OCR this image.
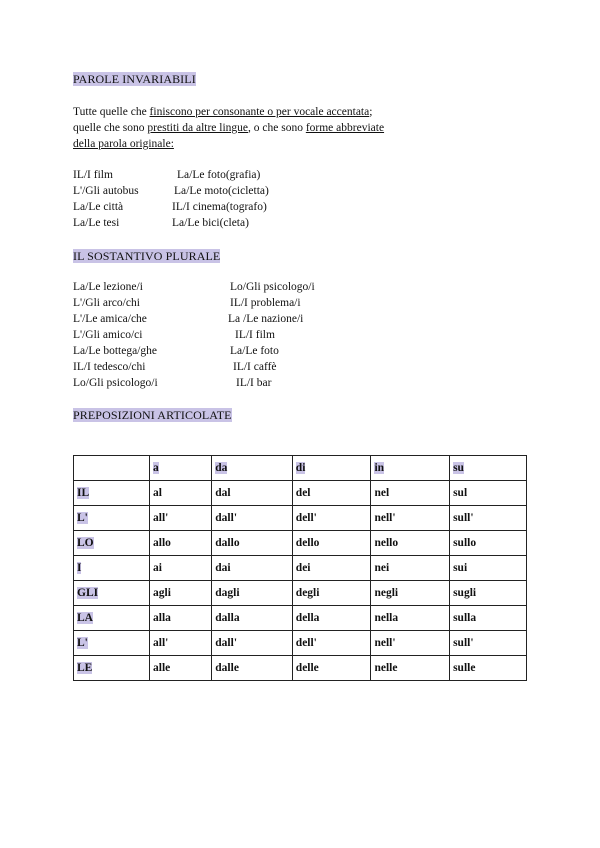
PAROLE INVARIABILI
Tutte quelle che finiscono per consonante o per vocale accentata;
quelle che sono prestiti da altre lingue, o che sono forme abbreviate
della parola originale:
IL/I film	La/Le foto(grafia)
L'/Gli autobus	La/Le moto(cicletta)
La/Le città	IL/I cinema(tografo)
La/Le tesi	La/Le bici(cleta)
IL SOSTANTIVO PLURALE
La/Le lezione/i	Lo/Gli psicologo/i
L'/Gli arco/chi	IL/I problema/i
L'/Le amica/che	La /Le nazione/i
L'/Gli amico/ci	IL/I film
La/Le bottega/ghe	La/Le foto
IL/I tedesco/chi	IL/I caffè
Lo/Gli psicologo/i	IL/I bar
PREPOSIZIONI ARTICOLATE
	a	da	di	in	su
IL	al	dal	del	nel	sul
L'	all'	dall'	dell'	nell'	sull'
LO	allo	dallo	dello	nello	sullo
I	ai	dai	dei	nei	sui
GLI	agli	dagli	degli	negli	sugli
LA	alla	dalla	della	nella	sulla
L'	all'	dall'	dell'	nell'	sull'
LE	alle	dalle	delle	nelle	sulle
